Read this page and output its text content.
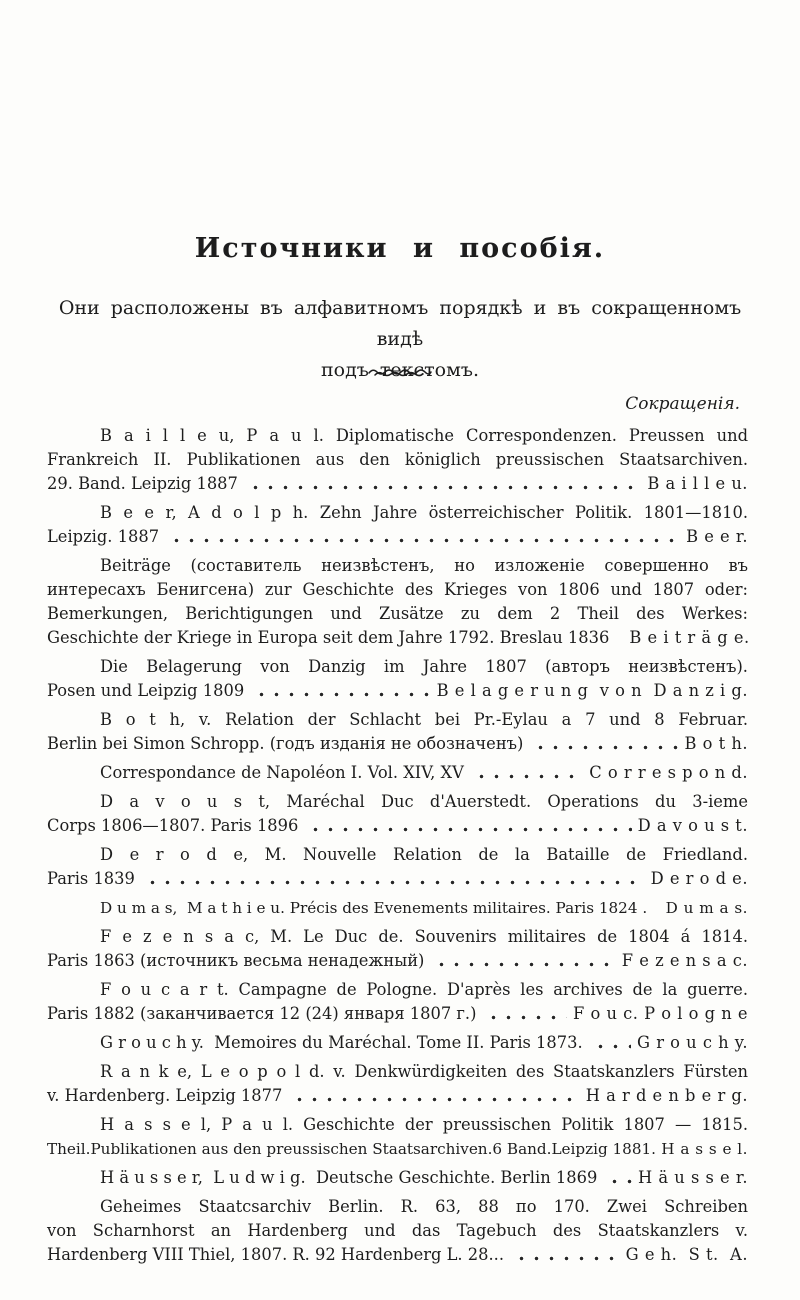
Источники и пособія.
Они расположены въ алфавитномъ порядкѣ и въ сокращенномъ видѣ
подъ текстомъ.
Сокращенія.
B a i l l e u, P a u l. Diplomatische Correspondenzen. Preussen und
Frankreich II. Publikationen aus den königlich preussischen Staatsarchiven.
29. Band. Leipzig 1887	B a i l l e u.
B e e r, A d o l p h. Zehn Jahre österreichischer Politik. 1801—1810.
Leipzig. 1887	B e e r.
Beiträge (составитель неизвѣстенъ, но изложеніе совершенно въ
интересахъ Бенигсена) zur Geschichte des Krieges von 1806 und 1807 oder:
Bemerkungen, Berichtigungen und Zusätze zu dem 2 Theil des Werkes:
Geschichte der Kriege in Europa seit dem Jahre 1792. Breslau 1836 B e i t r ä g e.
Die Belagerung von Danzig im Jahre 1807 (авторъ неизвѣстенъ).
Posen und Leipzig 1809	B e l a g e r u n g  v o n  D a n z i g.
B o t h, v. Relation der Schlacht bei Pr.-Eylau a 7 und 8 Februar.
Berlin bei Simon Schropp. (годъ изданія не обозначенъ)	B o t h.
Correspondance de Napoléon I. Vol. XIV, XV	C o r r e s p o n d.
D a v o u s t, Maréchal Duc d'Auerstedt. Operations du 3-ieme
Corps 1806—1807. Paris 1896	D a v o u s t.
D e r o d e, M. Nouvelle Relation de la Bataille de Friedland.
Paris 1839	D e r o d e.
D u m a s,  M a t h i e u. Précis des Evenements militaires. Paris 1824 . D u m a s.
F e z e n s a c, M. Le Duc de. Souvenirs militaires de 1804 á 1814.
Paris 1863 (источникъ весьма ненадежный)	F e z e n s a c.
F o u c a r t. Campagne de Pologne. D'après les archives de la guerre.
Paris 1882 (заканчивается 12 (24) января 1807 г.)	F o u c. P o l o g n e
G r o u c h y.  Memoires du Maréchal. Tome II. Paris 1873.	G r o u c h y.
R a n k e, L e o p o l d. v. Denkwürdigkeiten des Staatskanzlers Fürsten
v. Hardenberg. Leipzig 1877	H a r d e n b e r g.
H a s s e l, P a u l. Geschichte der preussischen Politik 1807 — 1815.
Theil.Publikationen aus den preussischen Staatsarchiven.6 Band.Leipzig 1881. H a s s e l.
H ä u s s e r,  L u d w i g.  Deutsche Geschichte. Berlin 1869 H ä u s s e r.
Geheimes Staatcsarchiv Berlin. R. 63, 88 по 170. Zwei Schreiben
von Scharnhorst an Hardenberg und das Tagebuch des Staatskanzlers v.
Hardenberg VIII Thiel, 1807. R. 92 Hardenberg L. 28...	G e h.  S t.  A.
